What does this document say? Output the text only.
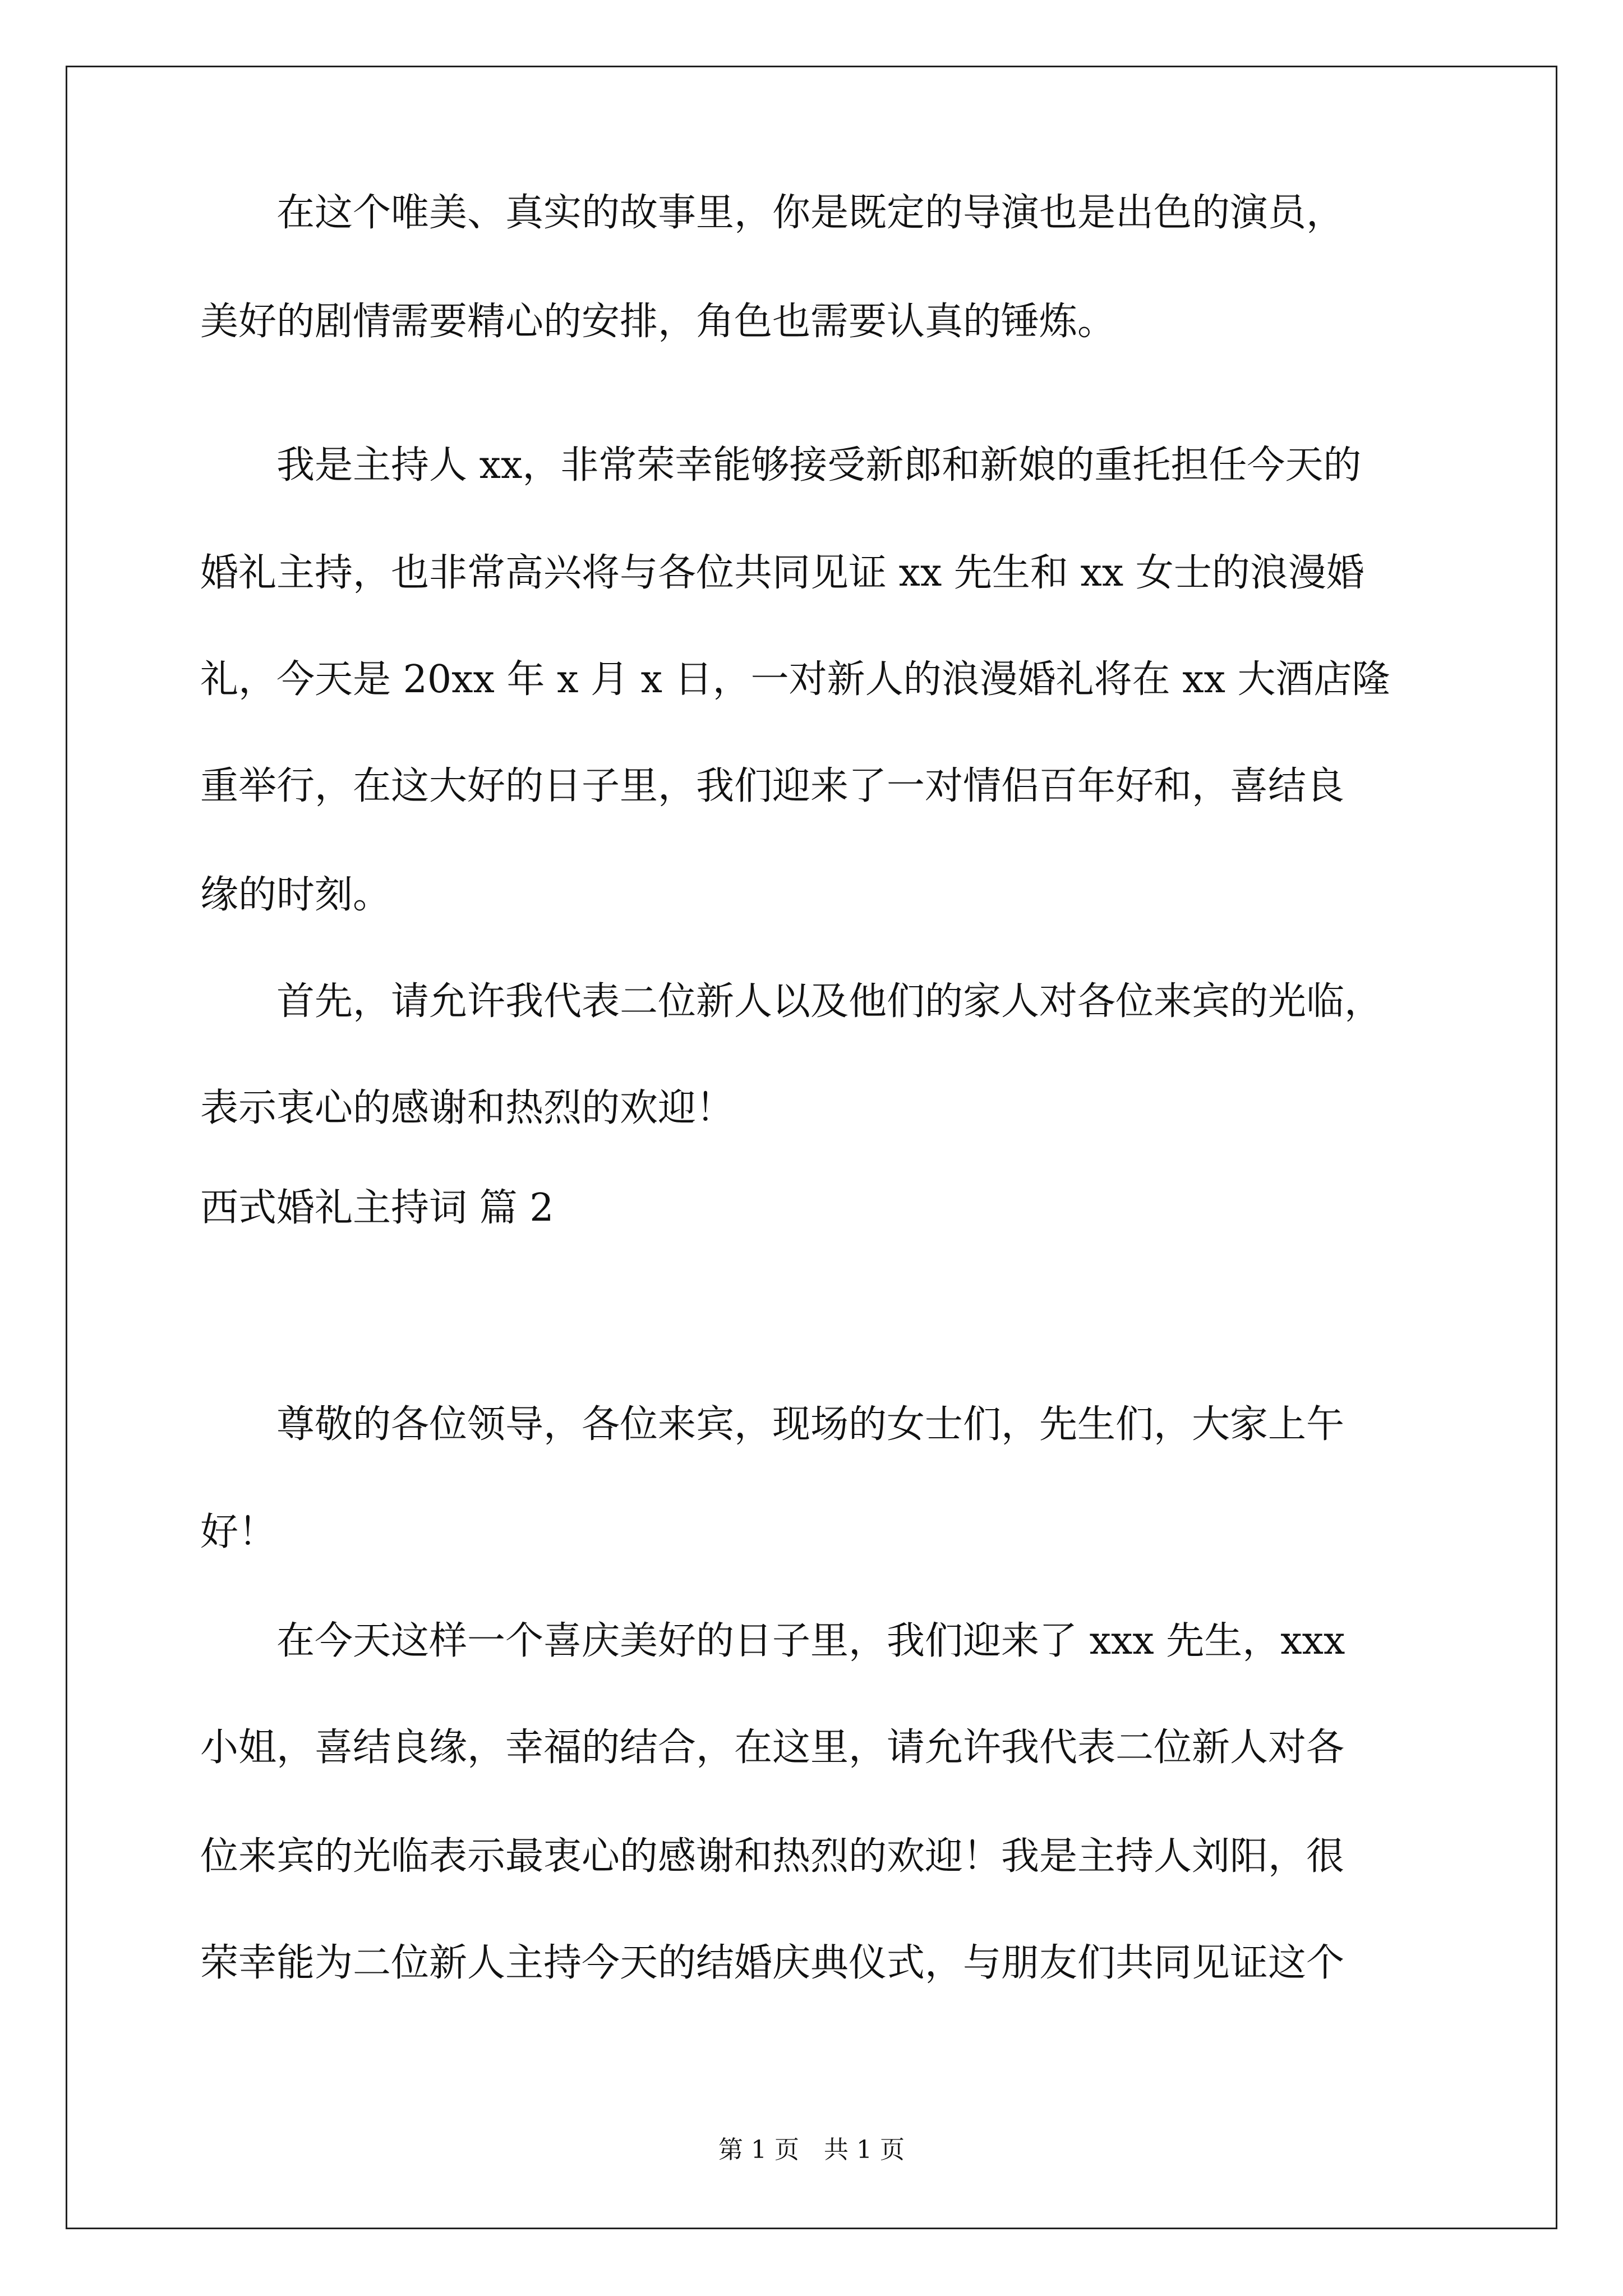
　　在这个唯美、真实的故事里，你是既定的导演也是出色的演员，
美好的剧情需要精心的安排，角色也需要认真的锤炼。
　　我是主持人 xx，非常荣幸能够接受新郎和新娘的重托担任今天的
婚礼主持，也非常高兴将与各位共同见证 xx 先生和 xx 女士的浪漫婚
礼，今天是 20xx 年 x 月 x 日，一对新人的浪漫婚礼将在 xx 大酒店隆
重举行，在这大好的日子里，我们迎来了一对情侣百年好和，喜结良
缘的时刻。
　　首先，请允许我代表二位新人以及他们的家人对各位来宾的光临，
表示衷心的感谢和热烈的欢迎！
西式婚礼主持词 篇 2
　　尊敬的各位领导，各位来宾，现场的女士们，先生们，大家上午
好！
　　在今天这样一个喜庆美好的日子里，我们迎来了 xxx 先生，xxx
小姐，喜结良缘，幸福的结合，在这里，请允许我代表二位新人对各
位来宾的光临表示最衷心的感谢和热烈的欢迎！我是主持人刘阳，很
荣幸能为二位新人主持今天的结婚庆典仪式，与朋友们共同见证这个
第 1 页　共 1 页
